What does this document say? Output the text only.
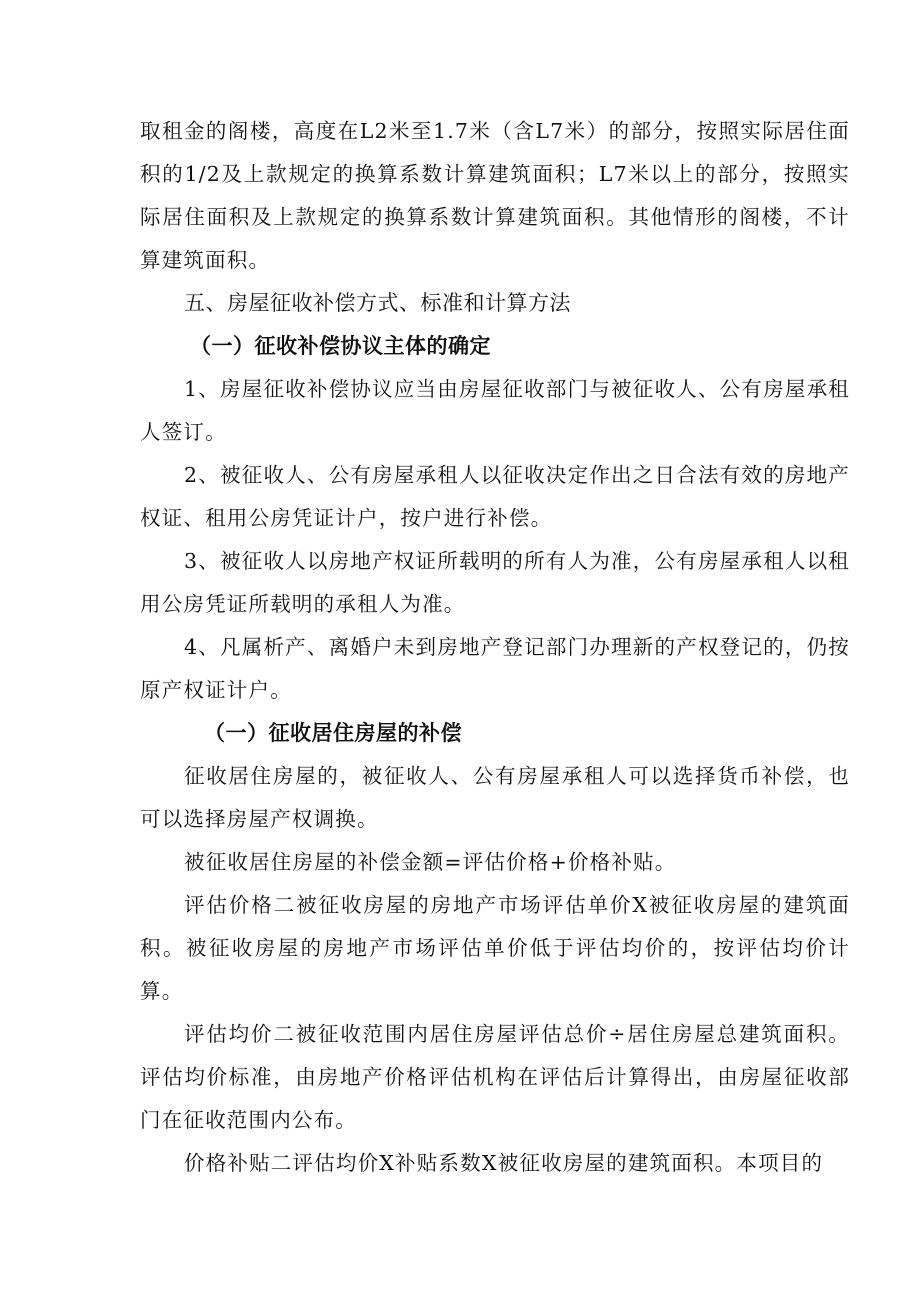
取租金的阁楼，高度在L2米至1.7米（含L7米）的部分，按照实际居住面积的1/2及上款规定的换算系数计算建筑面积；L7米以上的部分，按照实际居住面积及上款规定的换算系数计算建筑面积。其他情形的阁楼，不计算建筑面积。

五、房屋征收补偿方式、标准和计算方法

（一）征收补偿协议主体的确定

1、房屋征收补偿协议应当由房屋征收部门与被征收人、公有房屋承租人签订。

2、被征收人、公有房屋承租人以征收决定作出之日合法有效的房地产权证、租用公房凭证计户，按户进行补偿。

3、被征收人以房地产权证所载明的所有人为准，公有房屋承租人以租用公房凭证所载明的承租人为准。

4、凡属析产、离婚户未到房地产登记部门办理新的产权登记的，仍按原产权证计户。

（一）征收居住房屋的补偿

征收居住房屋的，被征收人、公有房屋承租人可以选择货币补偿，也可以选择房屋产权调换。

被征收居住房屋的补偿金额=评估价格+价格补贴。

评估价格二被征收房屋的房地产市场评估单价X被征收房屋的建筑面积。被征收房屋的房地产市场评估单价低于评估均价的，按评估均价计算。

评估均价二被征收范围内居住房屋评估总价÷居住房屋总建筑面积。评估均价标准，由房地产价格评估机构在评估后计算得出，由房屋征收部门在征收范围内公布。

价格补贴二评估均价X补贴系数X被征收房屋的建筑面积。本项目的
